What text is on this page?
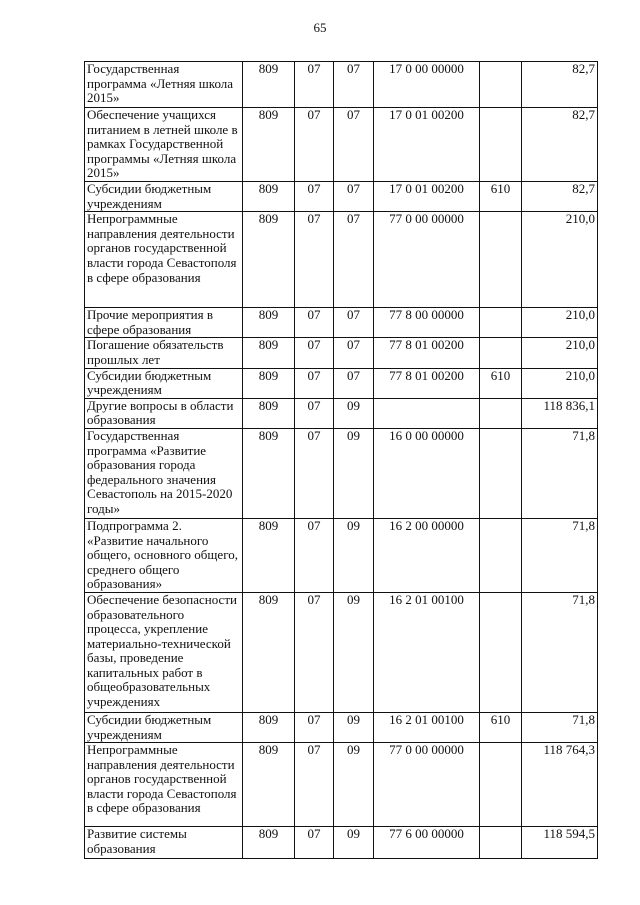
65
Государственная программа «Летняя школа 2015»	809	07	07	17 0 00 00000		82,7
Обеспечение учащихся питанием в летней школе в рамках Государственной программы «Летняя школа 2015»	809	07	07	17 0 01 00200		82,7
Субсидии бюджетным учреждениям	809	07	07	17 0 01 00200	610	82,7
Непрограммные направления деятельности органов государственной власти города Севастополя в сфере образования	809	07	07	77 0 00 00000		210,0
Прочие мероприятия в сфере образования	809	07	07	77 8 00 00000		210,0
Погашение обязательств прошлых лет	809	07	07	77 8 01 00200		210,0
Субсидии бюджетным учреждениям	809	07	07	77 8 01 00200	610	210,0
Другие вопросы в области образования	809	07	09			118 836,1
Государственная программа «Развитие образования города федерального значения Севастополь на 2015-2020 годы»	809	07	09	16 0 00 00000		71,8
Подпрограмма 2. «Развитие начального общего, основного общего, среднего общего образования»	809	07	09	16 2 00 00000		71,8
Обеспечение безопасности образовательного процесса, укрепление материально-технической базы, проведение капитальных работ в общеобразовательных учреждениях	809	07	09	16 2 01 00100		71,8
Субсидии бюджетным учреждениям	809	07	09	16 2 01 00100	610	71,8
Непрограммные направления деятельности органов государственной власти города Севастополя в сфере образования	809	07	09	77 0 00 00000		118 764,3
Развитие системы образования	809	07	09	77 6 00 00000		118 594,5
